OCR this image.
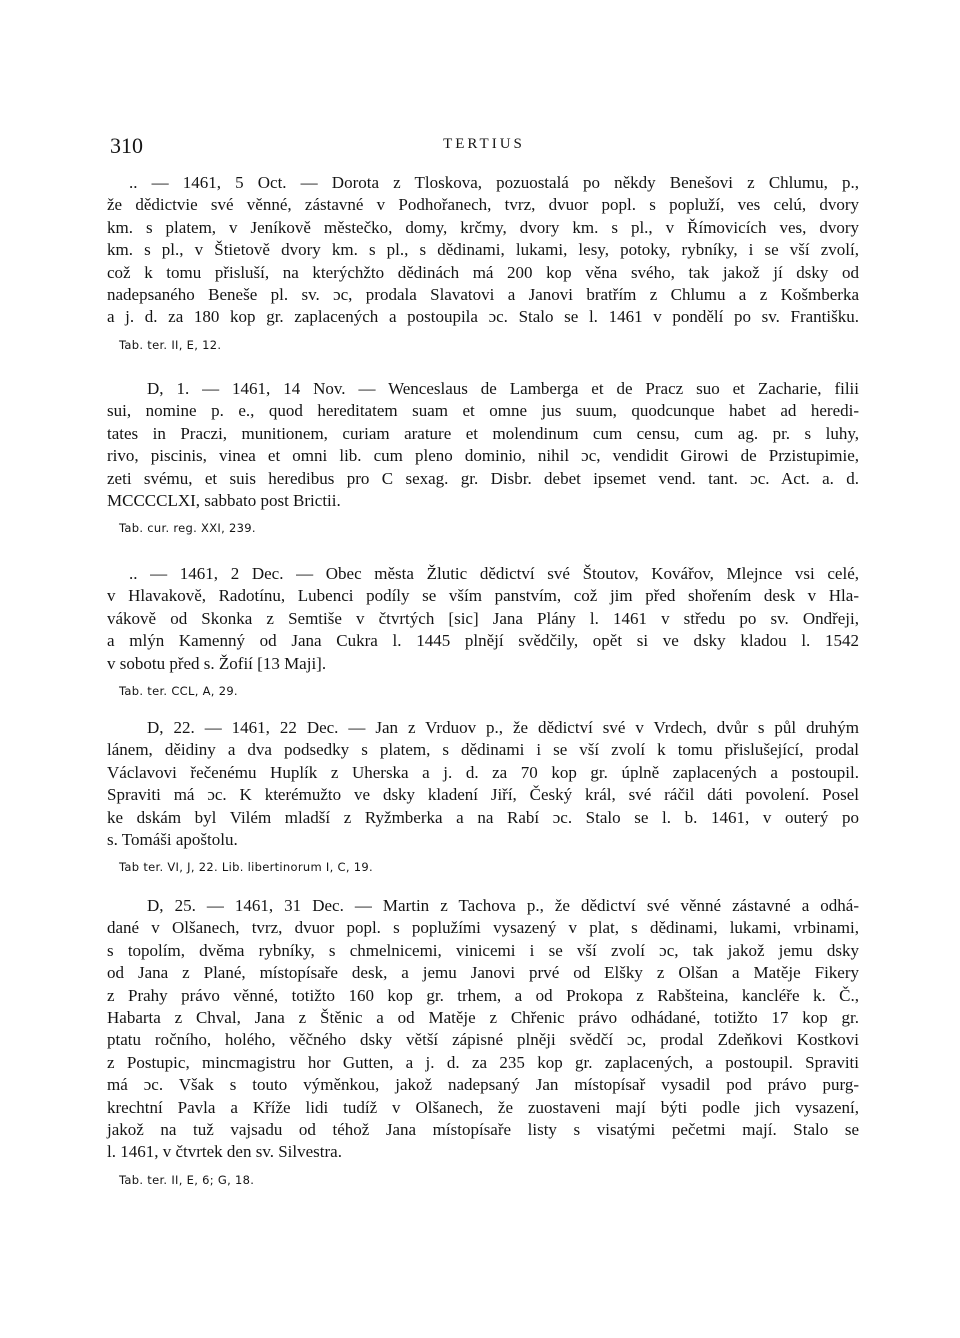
310	TERTIUS
.. — 1461, 5 Oct. — Dorota z Tloskova, pozuostalá po někdy Benešovi z Chlumu, p.,
že dědictvie své věnné, zástavné v Podhořanech, tvrz, dvuor popl. s popluží, ves celú, dvory
km. s platem, v Jeníkově městečko, domy, krčmy, dvory km. s pl., v Římovicích ves, dvory
km. s pl., v Štietově dvory km. s pl., s dědinami, lukami, lesy, potoky, rybníky, i se vší zvolí,
což k tomu přisluší, na kterýchžto dědinách má 200 kop věna svého, tak jakož jí dsky od
nadepsaného Beneše pl. sv. ɔc, prodala Slavatovi a Janovi bratřím z Chlumu a z Košmberka
a j. d. za 180 kop gr. zaplacených a postoupila ɔc. Stalo se l. 1461 v pondělí po sv. Františku.
Tab. ter. II, E, 12.
D, 1. — 1461, 14 Nov. — Wenceslaus de Lamberga et de Pracz suo et Zacharie, filii
sui, nomine p. e., quod hereditatem suam et omne jus suum, quodcunque habet ad heredi-
tates in Praczi, munitionem, curiam arature et molendinum cum censu, cum ag. pr. s luhy,
rivo, piscinis, vinea et omni lib. cum pleno dominio, nihil ɔc, vendidit Girowi de Przistupimie,
zeti svému, et suis heredibus pro C sexag. gr. Disbr. debet ipsemet vend. tant. ɔc. Act. a. d.
MCCCCLXI, sabbato post Brictii.
Tab. cur. reg. XXI, 239.
.. — 1461, 2 Dec. — Obec města Žlutic dědictví své Štoutov, Kovářov, Mlejnce vsi celé,
v Hlavakově, Radotínu, Lubenci podíly se vším panstvím, což jim před shořením desk v Hla-
vákově od Skonka z Semtiše v čtvrtých [sic] Jana Plány l. 1461 v středu po sv. Ondřeji,
a mlýn Kamenný od Jana Cukra l. 1445 plnějí svědčily, opět si ve dsky kladou l. 1542
v sobotu před s. Žofií [13 Maji].
Tab. ter. CCL, A, 29.
D, 22. — 1461, 22 Dec. — Jan z Vrduov p., že dědictví své v Vrdech, dvůr s půl druhým
lánem, děidiny a dva podsedky s platem, s dědinami i se vší zvolí k tomu přislušející, prodal
Václavovi řečenému Huplík z Uherska a j. d. za 70 kop gr. úplně zaplacených a postoupil.
Spraviti má ɔc. K kterémužto ve dsky kladení Jiří, Český král, své ráčil dáti povolení. Posel
ke dskám byl Vilém mladší z Ryžmberka a na Rabí ɔc. Stalo se l. b. 1461, v outerý po
s. Tomáši apoštolu.
Tab ter. VI, J, 22. Lib. libertinorum I, C, 19.
D, 25. — 1461, 31 Dec. — Martin z Tachova p., že dědictví své věnné zástavné a odhá-
dané v Olšanech, tvrz, dvuor popl. s poplužími vysazený v plat, s dědinami, lukami, vrbinami,
s topolím, dvěma rybníky, s chmelnicemi, vinicemi i se vší zvolí ɔc, tak jakož jemu dsky
od Jana z Plané, místopísaře desk, a jemu Janovi prvé od Elšky z Olšan a Matěje Fikery
z Prahy právo věnné, totižto 160 kop gr. trhem, a od Prokopa z Rabšteina, kancléře k. Č.,
Habarta z Chval, Jana z Štěnic a od Matěje z Chřenic právo odhádané, totižto 17 kop gr.
ptatu ročního, holého, věčného dsky větší zápisné plněji svědčí ɔc, prodal Zdeňkovi Kostkovi
z Postupic, mincmagistru hor Gutten, a j. d. za 235 kop gr. zaplacených, a postoupil. Spraviti
má ɔc. Však s touto výměnkou, jakož nadepsaný Jan místopísař vysadil pod právo purg-
krechtní Pavla a Kříže lidi tudíž v Olšanech, že zuostaveni mají býti podle jich vysazení,
jakož na tuž vajsadu od téhož Jana místopísaře listy s visatými pečetmi mají. Stalo se
l. 1461, v čtvrtek den sv. Silvestra.
Tab. ter. II, E, 6; G, 18.
